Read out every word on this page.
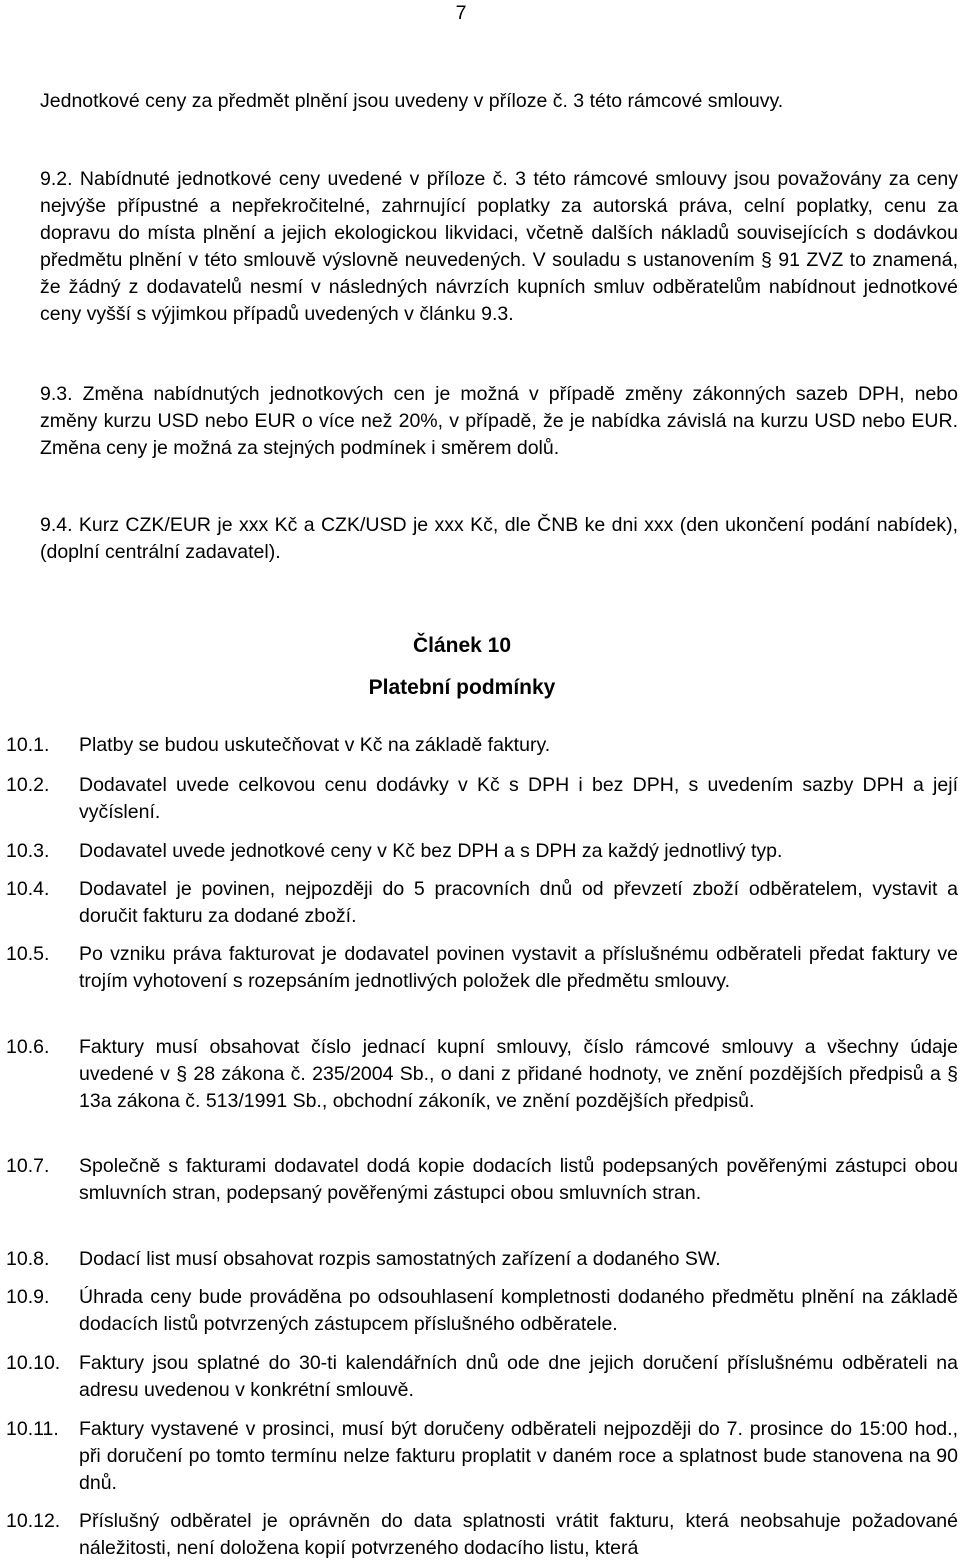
7
Jednotkové ceny za předmět plnění jsou uvedeny v příloze č. 3 této rámcové smlouvy.
9.2. Nabídnuté jednotkové ceny uvedené v příloze č. 3 této rámcové smlouvy jsou považovány za ceny nejvýše přípustné a nepřekročitelné, zahrnující poplatky za autorská práva, celní poplatky, cenu za dopravu do místa plnění a jejich ekologickou likvidaci, včetně dalších nákladů souvisejících s dodávkou předmětu plnění v této smlouvě výslovně neuvedených. V souladu s ustanovením § 91 ZVZ to znamená, že žádný z dodavatelů nesmí v následných návrzích kupních smluv odběratelům nabídnout jednotkové ceny vyšší s výjimkou případů uvedených v článku 9.3.
9.3. Změna nabídnutých jednotkových cen je možná v případě změny zákonných sazeb DPH, nebo změny kurzu USD nebo EUR o více než 20%, v případě, že je nabídka závislá na kurzu USD nebo EUR. Změna ceny je možná za stejných podmínek i směrem dolů.
9.4. Kurz CZK/EUR je xxx Kč a CZK/USD je xxx Kč, dle ČNB ke dni xxx (den ukončení podání nabídek), (doplní centrální zadavatel).
Článek 10
Platební podmínky
10.1.	Platby se budou uskutečňovat v Kč na základě faktury.
10.2.	Dodavatel uvede celkovou cenu dodávky v Kč s DPH i bez DPH, s uvedením sazby DPH a její vyčíslení.
10.3.	Dodavatel uvede jednotkové ceny v Kč bez DPH a s DPH za každý jednotlivý typ.
10.4.	Dodavatel je povinen, nejpozději do 5 pracovních dnů od převzetí zboží odběratelem, vystavit a doručit fakturu za dodané zboží.
10.5.	Po vzniku práva fakturovat je dodavatel povinen vystavit a příslušnému odběrateli předat faktury ve trojím vyhotovení s rozepsáním jednotlivých položek dle předmětu smlouvy.
10.6.	Faktury musí obsahovat číslo jednací kupní smlouvy, číslo rámcové smlouvy a všechny údaje uvedené v § 28 zákona č. 235/2004 Sb., o dani z přidané hodnoty, ve znění pozdějších předpisů a § 13a zákona č. 513/1991 Sb., obchodní zákoník, ve znění pozdějších předpisů.
10.7.	Společně s fakturami dodavatel dodá kopie dodacích listů podepsaných pověřenými zástupci obou smluvních stran, podepsaný pověřenými zástupci obou smluvních stran.
10.8.	Dodací list musí obsahovat rozpis samostatných zařízení a dodaného SW.
10.9.	Úhrada ceny bude prováděna po odsouhlasení kompletnosti dodaného předmětu plnění na základě dodacích listů potvrzených zástupcem příslušného odběratele.
10.10. Faktury jsou splatné do 30-ti kalendářních dnů ode dne jejich doručení příslušnému odběrateli na adresu uvedenou v konkrétní smlouvě.
10.11.	Faktury vystavené v prosinci, musí být doručeny odběrateli nejpozději do 7. prosince do 15:00 hod., při doručení po tomto termínu nelze fakturu proplatit v daném roce a splatnost bude stanovena na 90 dnů.
10.12. Příslušný odběratel je oprávněn do data splatnosti vrátit fakturu, která neobsahuje požadované náležitosti, není doložena kopií potvrzeného dodacího listu, která
